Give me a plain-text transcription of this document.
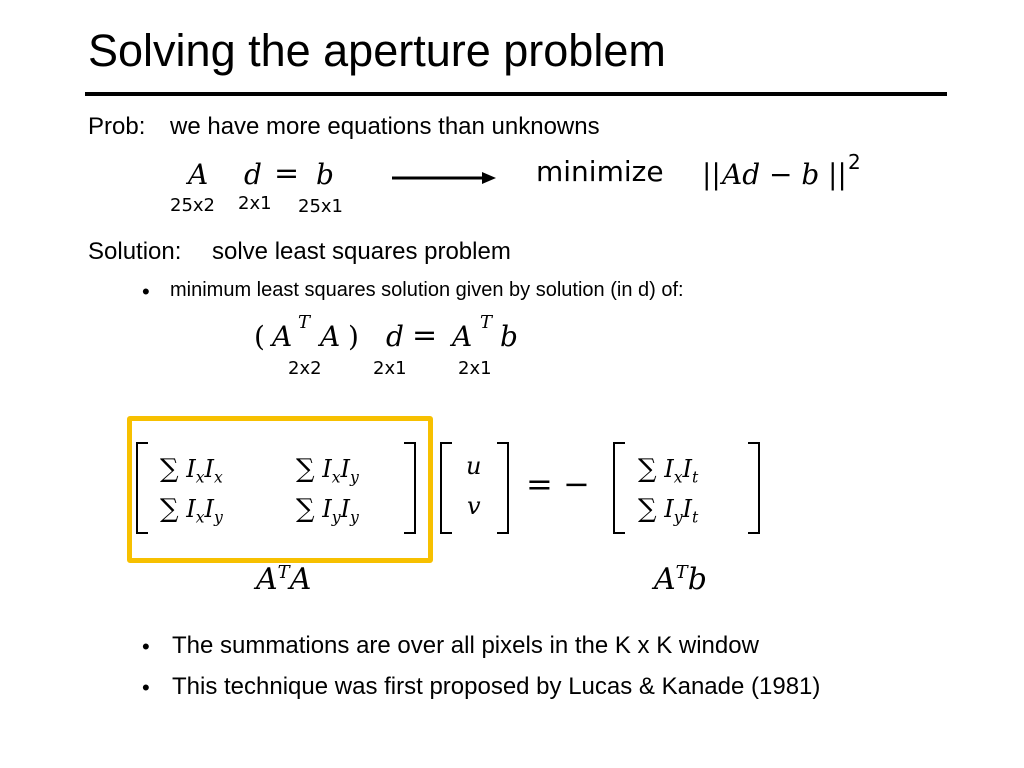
Solving the aperture problem
Prob: we have more equations than unknowns
A d = b
25x2 2x1 25x1
minimize || Ad − b || 2
Solution: solve least squares problem
• minimum least squares solution given by solution (in d) of:
( A T A ) d = A T b
2x2	2x1	2x1
∑ $I_xI_x$	∑ $I_xI_y$
∑ $I_xI_y$	∑ $I_yI_y$
u
v
= − ∑ $I_xI_t$
∑ $I_yI_t$
$A^TA$	$A^Tb$
• The summations are over all pixels in the K x K window
• This technique was first proposed by Lucas & Kanade (1981)
